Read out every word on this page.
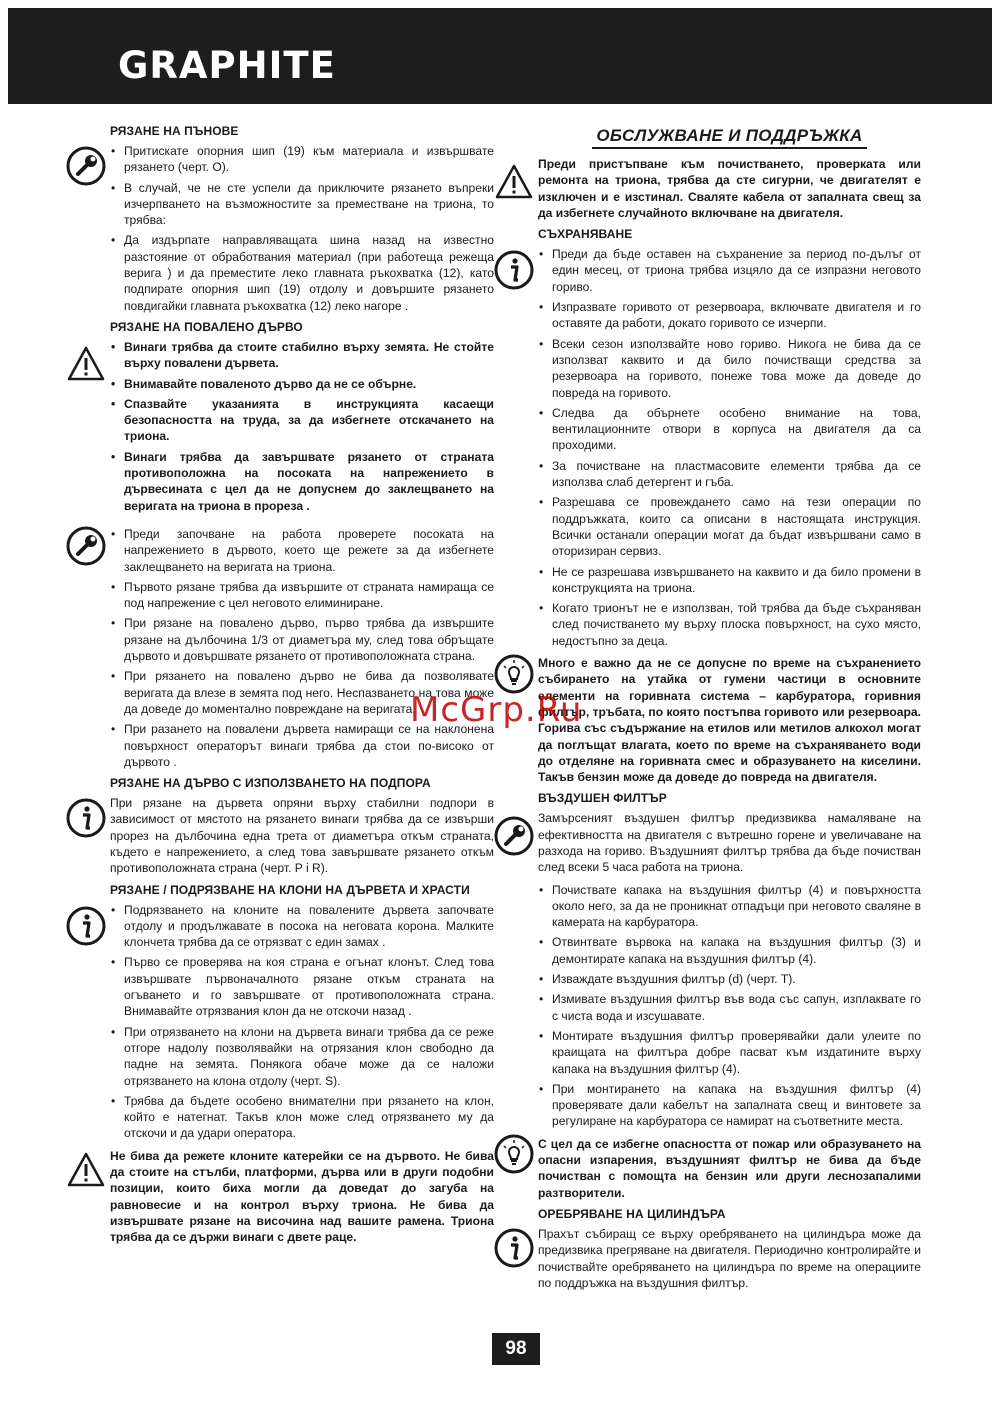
GRAPHITE
РЯЗАНЕ НА ПЪНОВЕ
• Притискате опорния шип (19) към материала и извършвате рязането (черт. O).
• В случай, че не сте успели да приключите рязането въпреки изчерпването на възможностите за преместване на триона, то трябва:
• Да издърпате направляващата шина назад на известно разстояние от обработвания материал (при работеща режеща верига ) и да преместите леко главната ръкохватка (12), като подпирате опорния шип (19) отдолу и довършите рязането повдигайки главната ръкохватка (12) леко нагоре .
РЯЗАНЕ НА ПОВАЛЕНО ДЪРВО
• Винаги трябва да стоите стабилно върху земята. Не стойте върху повалени дървета.
• Внимавайте поваленото дърво да не се обърне.
• Спазвайте указанията в инструкцията касаещи безопасността на труда, за да избегнете отскачането на триона.
• Винаги трябва да завършвате рязането от страната противоположна на посоката на напрежението в дървесината с цел да не допуснем до заклещването на веригата на триона в прореза .
• Преди започване на работа проверете посоката на напрежението в дървото, което ще режете за да избегнете заклещването на веригата на триона.
• Първото рязане трябва да извършите от страната намираща се под напрежение с цел неговото елиминиране.
• При рязане на повалено дърво, първо трябва да извършите рязане на дълбочина 1/3 от диаметъра му, след това обръщате дървото и довършвате рязането от противоположната страна.
• При рязането на повалено дърво не бива да позволявате веригата да влезе в земята под него. Неспазването на това може да доведе до моментално повреждане на веригата.
• При разането на повалени дървета намиращи се на наклонена повърхност операторът винаги трябва да стои по-високо от дървото .
РЯЗАНЕ НА ДЪРВО С ИЗПОЛЗВАНЕТО НА ПОДПОРА

При рязане на дървета опряни върху стабилни подпори в зависимост от мястото на рязането винаги трябва да се извърши прорез на дълбочина една трета от диаметъра откъм страната, където е напрежението, а след това завършвате рязането откъм противоположната страна (черт. P i R).

РЯЗАНЕ / ПОДРЯЗВАНЕ НА КЛОНИ НА ДЪРВЕТА И ХРАСТИ
• Подрязването на клоните на повалените дървета започвате отдолу и продължавате в посока на неговата корона. Малките клончета трябва да се отрязват с един замах .
• Първо се проверява на коя страна е огънат клонът. След това извършвате първоначалното рязане откъм страната на огъването и го завършвате от противоположната страна. Внимавайте отрязвания клон да не отскочи назад .
• При отрязването на клони на дървета винаги трябва да се реже отгоре надолу позволявайки на отрязания клон свободно да падне на земята. Понякога обаче може да се наложи отрязването на клона отдолу (черт. S).
• Трябва да бъдете особено внимателни при рязането на клон, който е натегнат. Такъв клон може след отрязването му да отскочи и да удари оператора.

Не бива да режете клоните катерейки се на дървото. Не бива да стоите на стълби, платформи, дърва или в други подобни позиции, които биха могли да доведат до загуба на равновесие и на контрол върху триона. Не бива да извършвате рязане на височина над вашите рамена. Триона трябва да се държи винаги с двете раце.

ОБСЛУЖВАНЕ И ПОДДРЪЖКА

Преди пристъпване към почистването, проверката или ремонта на триона, трябва да сте сигурни, че двигателят е изключен и е изстинал. Сваляте кабела от запалната свещ за да избегнете случайното включване на двигателя.

СЪХРАНЯВАНЕ
• Преди да бъде оставен на съхранение за период по-дълъг от един месец, от триона трябва изцяло да се изпразни неговото гориво.
• Изпразвате горивото от резервоара, включвате двигателя и го оставяте да работи, докато горивото се изчерпи.
• Всеки сезон използвайте ново гориво. Никога не бива да се използват каквито и да било почистващи средства за резервоара на горивото, понеже това може да доведе до повреда на горивото.
• Следва да обърнете особено внимание на това, вентилационните отвори в корпуса на двигателя да са проходими.
• За почистване на пластмасовите елементи трябва да се използва слаб детергент и гъба.
• Разрешава се провеждането само на тези операции по поддръжката, които са описани в настоящата инструкция. Всички останали операции могат да бъдат извършвани само в оторизиран сервиз.
• Не се разрешава извършването на каквито и да било промени в конструкцията на триона.
• Когато трионът не е използван, той трябва да бъде съхраняван след почистването му върху плоска повърхност, на сухо място, недостъпно за деца.

Много е важно да не се допусне по време на съхранението събирането на утайка от гумени частици в основните елементи на горивната система – карбуратора, горивния филтър, тръбата, по която постъпва горивото или резервоара. Горива със съдържание на етилов или метилов алкохол могат да поглъщат влагата, което по време на съхраняването води до отделяне на горивната смес и образуването на киселини. Такъв бензин може да доведе до повреда на двигателя.

ВЪЗДУШЕН ФИЛТЪР

Замърсеният въздушен филтър предизвиква намаляване на ефективността на двигателя с вътрешно горене и увеличаване на разхода на гориво. Въздушният филтър трябва да бъде почистван след всеки 5 часа работа на триона.

• Почиствате капака на въздушния филтър (4) и повърхността около него, за да не проникнат отпадъци при неговото сваляне в камерата на карбуратора.
• Отвинтвате вървока на капака на въздушния филтър (3) и демонтирате капака на въздушния филтър (4).
• Изваждате въздушния филтър (d) (черт. T).
• Измивате въздушния филтър във вода със сапун, изплаквате го с чиста вода и изсушавате.
• Монтирате въздушния филтър проверявайки дали улеите по краищата на филтъра добре пасват към издатините върху капака на въздушния филтър (4).
• При монтирането на капака на въздушния филтър (4) проверявате дали кабелът на запалната свещ и винтовете за регулиране на карбуратора се намират на съответните места.

С цел да се избегне опасността от пожар или образуването на опасни изпарения, въздушният филтър не бива да бъде почистван с помощта на бензин или други леснозапалими разтворители.

ОРЕБРЯВАНЕ НА ЦИЛИНДЪРА

Прахът събиращ се върху оребряването на цилиндъра може да предизвика прегряване на двигателя. Периодично контролирайте и почиствайте оребряването на цилиндъра по време на операциите по поддръжка на въздушния филтър.

McGrp.Ru
98
